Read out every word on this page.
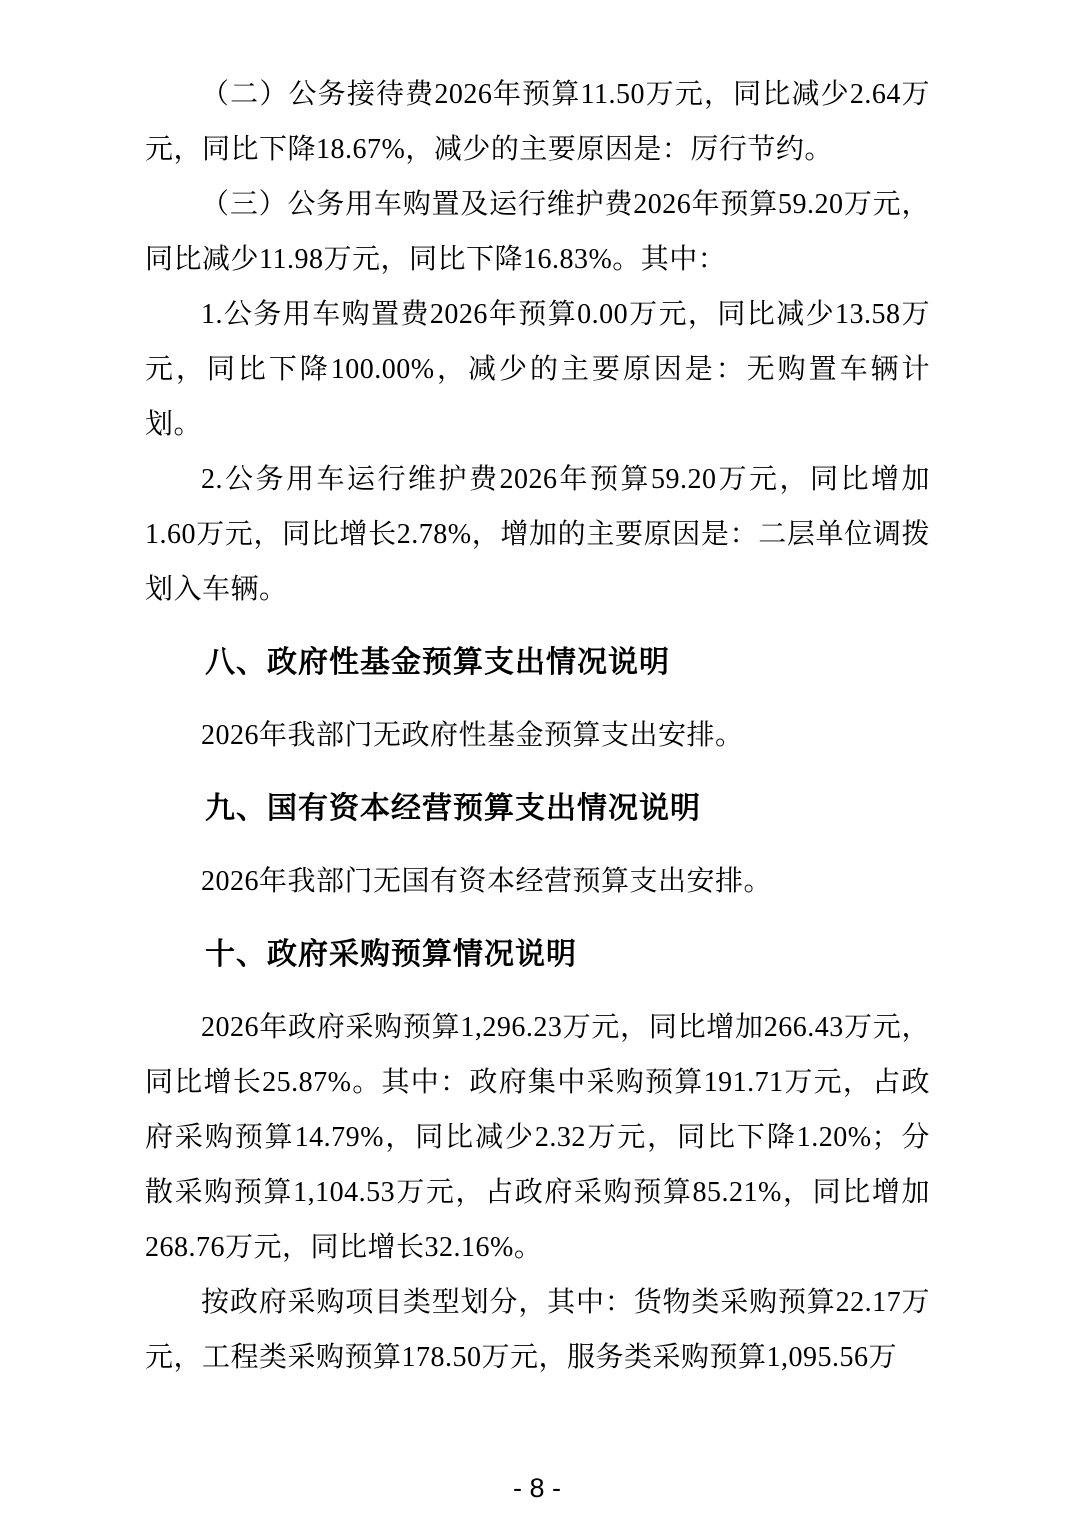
（二）公务接待费2026年预算11.50万元，同比减少2.64万元，同比下降18.67%，减少的主要原因是：厉行节约。

（三）公务用车购置及运行维护费2026年预算59.20万元，同比减少11.98万元，同比下降16.83%。其中：

1.公务用车购置费2026年预算0.00万元，同比减少13.58万元，同比下降100.00%，减少的主要原因是：无购置车辆计划。

2.公务用车运行维护费2026年预算59.20万元，同比增加1.60万元，同比增长2.78%，增加的主要原因是：二层单位调拨划入车辆。

八、政府性基金预算支出情况说明

2026年我部门无政府性基金预算支出安排。

九、国有资本经营预算支出情况说明

2026年我部门无国有资本经营预算支出安排。

十、政府采购预算情况说明

2026年政府采购预算1,296.23万元，同比增加266.43万元，同比增长25.87%。其中：政府集中采购预算191.71万元，占政府采购预算14.79%，同比减少2.32万元，同比下降1.20%；分散采购预算1,104.53万元，占政府采购预算85.21%，同比增加268.76万元，同比增长32.16%。

按政府采购项目类型划分，其中：货物类采购预算22.17万元，工程类采购预算178.50万元，服务类采购预算1,095.56万

- 8 -
